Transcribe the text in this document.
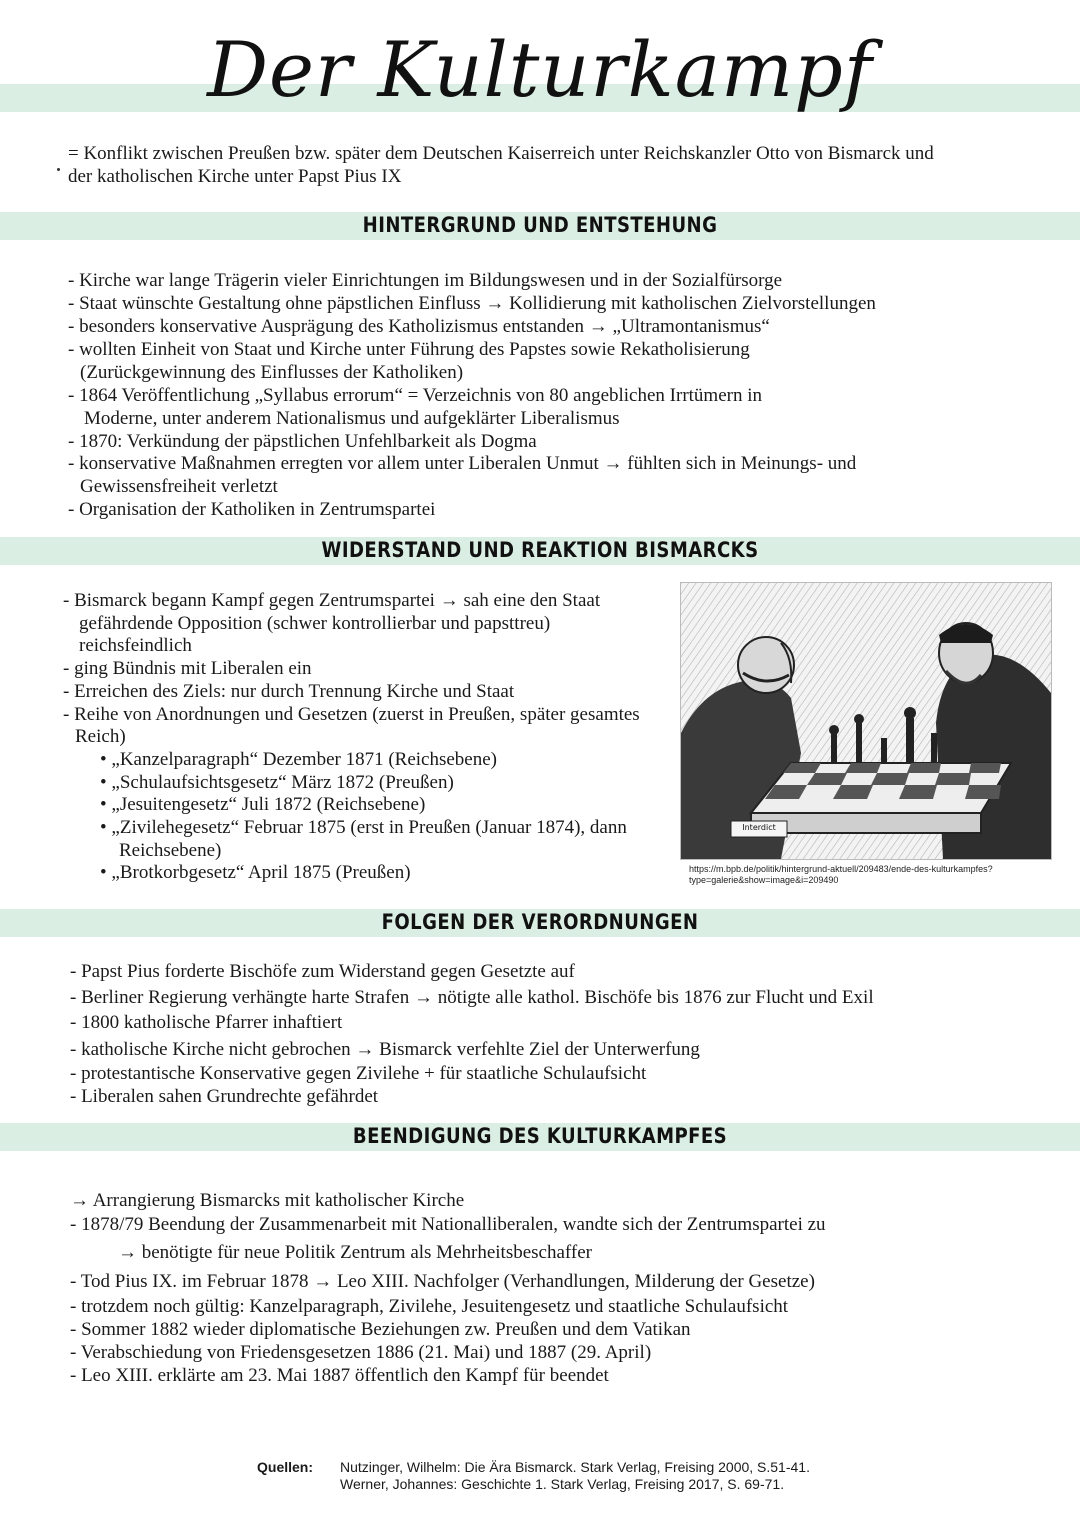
Der Kulturkampf
= Konflikt zwischen Preußen bzw. später dem Deutschen Kaiserreich unter Reichskanzler Otto von Bismarck und
der katholischen Kirche unter Papst Pius IX
HINTERGRUND UND ENTSTEHUNG
- Kirche war lange Trägerin vieler Einrichtungen im Bildungswesen und in der Sozialfürsorge
- Staat wünschte Gestaltung ohne päpstlichen Einfluss → Kollidierung mit katholischen Zielvorstellungen
- besonders konservative Ausprägung des Katholizismus entstanden → „Ultramontanismus“
- wollten Einheit von Staat und Kirche unter Führung des Papstes sowie Rekatholisierung
(Zurückgewinnung des Einflusses der Katholiken)
- 1864 Veröffentlichung „Syllabus errorum“ = Verzeichnis von 80 angeblichen Irrtümern in
Moderne, unter anderem Nationalismus und aufgeklärter Liberalismus
- 1870: Verkündung der päpstlichen Unfehlbarkeit als Dogma
- konservative Maßnahmen erregten vor allem unter Liberalen Unmut → fühlten sich in Meinungs- und
Gewissensfreiheit verletzt
- Organisation der Katholiken in Zentrumspartei
WIDERSTAND UND REAKTION BISMARCKS
- Bismarck begann Kampf gegen Zentrumspartei → sah eine den Staat
gefährdende Opposition (schwer kontrollierbar und papsttreu)
reichsfeindlich
- ging Bündnis mit Liberalen ein
- Erreichen des Ziels: nur durch Trennung Kirche und Staat
- Reihe von Anordnungen und Gesetzen (zuerst in Preußen, später gesamtes
Reich)
• „Kanzelparagraph“ Dezember 1871 (Reichsebene)
• „Schulaufsichtsgesetz“ März 1872 (Preußen)
• „Jesuitengesetz“ Juli 1872 (Reichsebene)
• „Zivilehegesetz“ Februar 1875 (erst in Preußen (Januar 1874), dann
Reichsebene)
• „Brotkorbgesetz“ April 1875 (Preußen)
Interdict
https://m.bpb.de/politik/hintergrund-aktuell/209483/ende-des-kulturkampfes?
type=galerie&show=image&i=209490
FOLGEN DER VERORDNUNGEN
- Papst Pius forderte Bischöfe zum Widerstand gegen Gesetzte auf
- Berliner Regierung verhängte harte Strafen → nötigte alle kathol. Bischöfe bis 1876 zur Flucht und Exil
- 1800 katholische Pfarrer inhaftiert
- katholische Kirche nicht gebrochen → Bismarck verfehlte Ziel der Unterwerfung
- protestantische Konservative gegen Zivilehe + für staatliche Schulaufsicht
- Liberalen sahen Grundrechte gefährdet
BEENDIGUNG DES KULTURKAMPFES
→ Arrangierung Bismarcks mit katholischer Kirche
- 1878/79 Beendung der Zusammenarbeit mit Nationalliberalen, wandte sich der Zentrumspartei zu
→ benötigte für neue Politik Zentrum als Mehrheitsbeschaffer
- Tod Pius IX. im Februar 1878 → Leo XIII. Nachfolger (Verhandlungen, Milderung der Gesetze)
- trotzdem noch gültig: Kanzelparagraph, Zivilehe, Jesuitengesetz und staatliche Schulaufsicht
- Sommer 1882 wieder diplomatische Beziehungen zw. Preußen und dem Vatikan
- Verabschiedung von Friedensgesetzen 1886 (21. Mai) und 1887 (29. April)
- Leo XIII. erklärte am 23. Mai 1887 öffentlich den Kampf für beendet
Quellen: Nutzinger, Wilhelm: Die Ära Bismarck. Stark Verlag, Freising 2000, S.51-41.
Werner, Johannes: Geschichte 1. Stark Verlag, Freising 2017, S. 69-71.
